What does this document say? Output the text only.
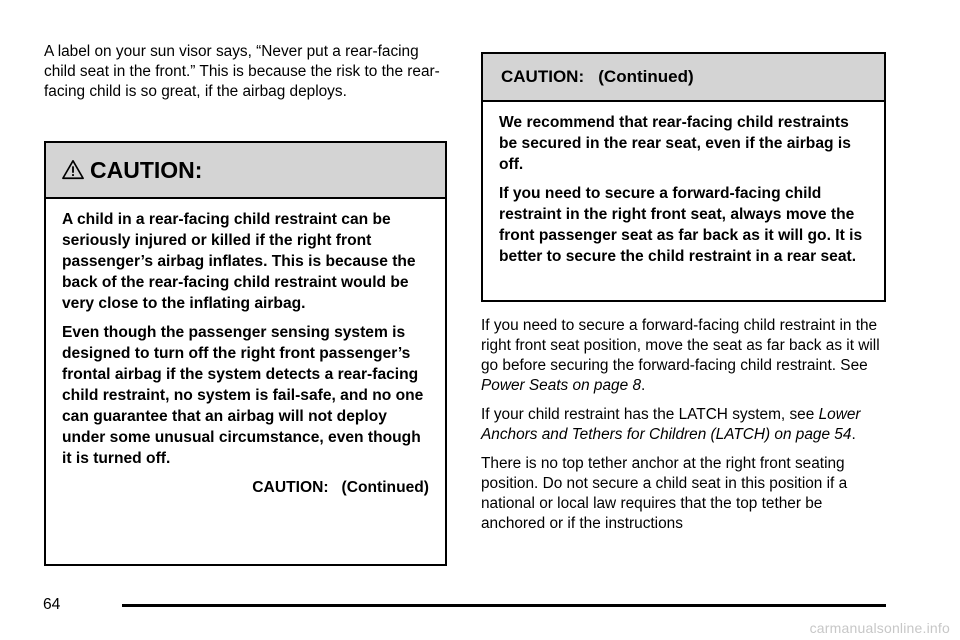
A label on your sun visor says, “Never put a rear-facing child seat in the front.” This is because the risk to the rear-facing child is so great, if the airbag deploys.

CAUTION:

A child in a rear-facing child restraint can be seriously injured or killed if the right front passenger’s airbag inflates. This is because the back of the rear-facing child restraint would be very close to the inflating airbag.

Even though the passenger sensing system is designed to turn off the right front passenger’s frontal airbag if the system detects a rear-facing child restraint, no system is fail-safe, and no one can guarantee that an airbag will not deploy under some unusual circumstance, even though it is turned off.

CAUTION:   (Continued)

CAUTION:   (Continued)

We recommend that rear-facing child restraints be secured in the rear seat, even if the airbag is off.

If you need to secure a forward-facing child restraint in the right front seat, always move the front passenger seat as far back as it will go. It is better to secure the child restraint in a rear seat.

If you need to secure a forward-facing child restraint in the right front seat position, move the seat as far back as it will go before securing the forward-facing child restraint. See Power Seats on page 8.

If your child restraint has the LATCH system, see Lower Anchors and Tethers for Children (LATCH) on page 54.

There is no top tether anchor at the right front seating position. Do not secure a child seat in this position if a national or local law requires that the top tether be anchored or if the instructions

64
carmanualsonline.info
